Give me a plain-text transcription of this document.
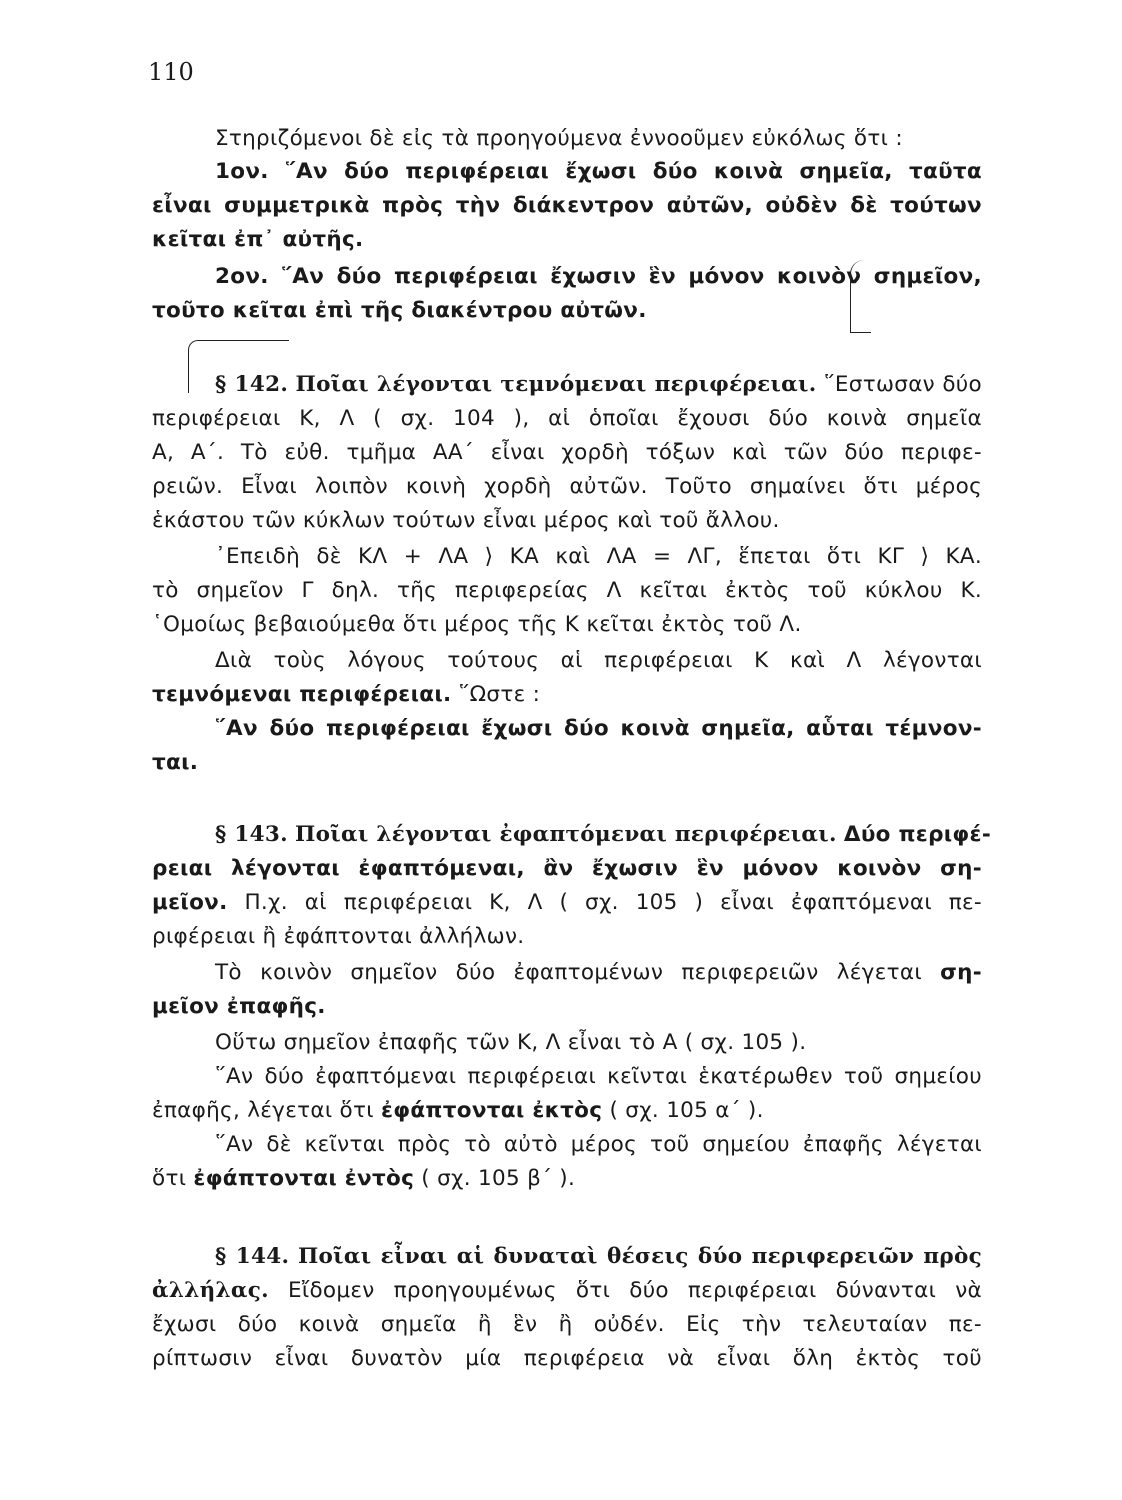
110
Στηριζόμενοι δὲ εἰς τὰ προηγούμενα ἐννοοῦμεν εὐκόλως ὅτι :
1ον. ῞Αν δύο περιφέρειαι ἔχωσι δύο κοινὰ σημεῖα, ταῦτα
εἶναι συμμετρικὰ πρὸς τὴν διάκεντρον αὐτῶν, οὐδὲν δὲ τούτων
κεῖται ἐπ᾿ αὐτῆς.
2ον. ῞Αν δύο περιφέρειαι ἔχωσιν ἓν μόνον κοινὸν σημεῖον,
τοῦτο κεῖται ἐπὶ τῆς διακέντρου αὐτῶν.
§ 142. Ποῖαι λέγονται τεμνόμεναι περιφέρειαι. ῞Εστωσαν δύο
περιφέρειαι Κ, Λ ( σχ. 104 ), αἱ ὁποῖαι ἔχουσι δύο κοινὰ σημεῖα
Α, Α΄. Τὸ εὐθ. τμῆμα ΑΑ΄ εἶναι χορδὴ τόξων καὶ τῶν δύο περιφε-
ρειῶν. Εἶναι λοιπὸν κοινὴ χορδὴ αὐτῶν. Τοῦτο σημαίνει ὅτι μέρος
ἑκάστου τῶν κύκλων τούτων εἶναι μέρος καὶ τοῦ ἄλλου.
᾿Επειδὴ δὲ ΚΛ + ΛΑ ⟩ ΚΑ καὶ ΛΑ = ΛΓ, ἕπεται ὅτι ΚΓ ⟩ ΚΑ.
τὸ σημεῖον Γ δηλ. τῆς περιφερείας Λ κεῖται ἐκτὸς τοῦ κύκλου Κ.
῾Ομοίως βεβαιούμεθα ὅτι μέρος τῆς Κ κεῖται ἐκτὸς τοῦ Λ.
Διὰ τοὺς λόγους τούτους αἱ περιφέρειαι Κ καὶ Λ λέγονται
τεμνόμεναι περιφέρειαι. ῞Ωστε :
῞Αν δύο περιφέρειαι ἔχωσι δύο κοινὰ σημεῖα, αὗται τέμνον-
ται.
§ 143. Ποῖαι λέγονται ἐφαπτόμεναι περιφέρειαι. Δύο περιφέ-
ρειαι λέγονται ἐφαπτόμεναι, ἂν ἔχωσιν ἓν μόνον κοινὸν ση-
μεῖον. Π.χ. αἱ περιφέρειαι Κ, Λ ( σχ. 105 ) εἶναι ἐφαπτόμεναι πε-
ριφέρειαι ἢ ἐφάπτονται ἀλλήλων.
Τὸ κοινὸν σημεῖον δύο ἐφαπτομένων περιφερειῶν λέγεται ση-
μεῖον ἐπαφῆς.
Οὕτω σημεῖον ἐπαφῆς τῶν Κ, Λ εἶναι τὸ Α ( σχ. 105 ).
῞Αν δύο ἐφαπτόμεναι περιφέρειαι κεῖνται ἑκατέρωθεν τοῦ σημείου
ἐπαφῆς, λέγεται ὅτι ἐφάπτονται ἐκτὸς ( σχ. 105 α΄ ).
῞Αν δὲ κεῖνται πρὸς τὸ αὐτὸ μέρος τοῦ σημείου ἐπαφῆς λέγεται
ὅτι ἐφάπτονται ἐντὸς ( σχ. 105 β΄ ).
§ 144. Ποῖαι εἶναι αἱ δυναταὶ θέσεις δύο περιφερειῶν πρὸς
ἀλλήλας. Εἴδομεν προηγουμένως ὅτι δύο περιφέρειαι δύνανται νὰ
ἔχωσι δύο κοινὰ σημεῖα ἢ ἓν ἢ οὐδέν. Εἰς τὴν τελευταίαν πε-
ρίπτωσιν εἶναι δυνατὸν μία περιφέρεια νὰ εἶναι ὅλη ἐκτὸς τοῦ
